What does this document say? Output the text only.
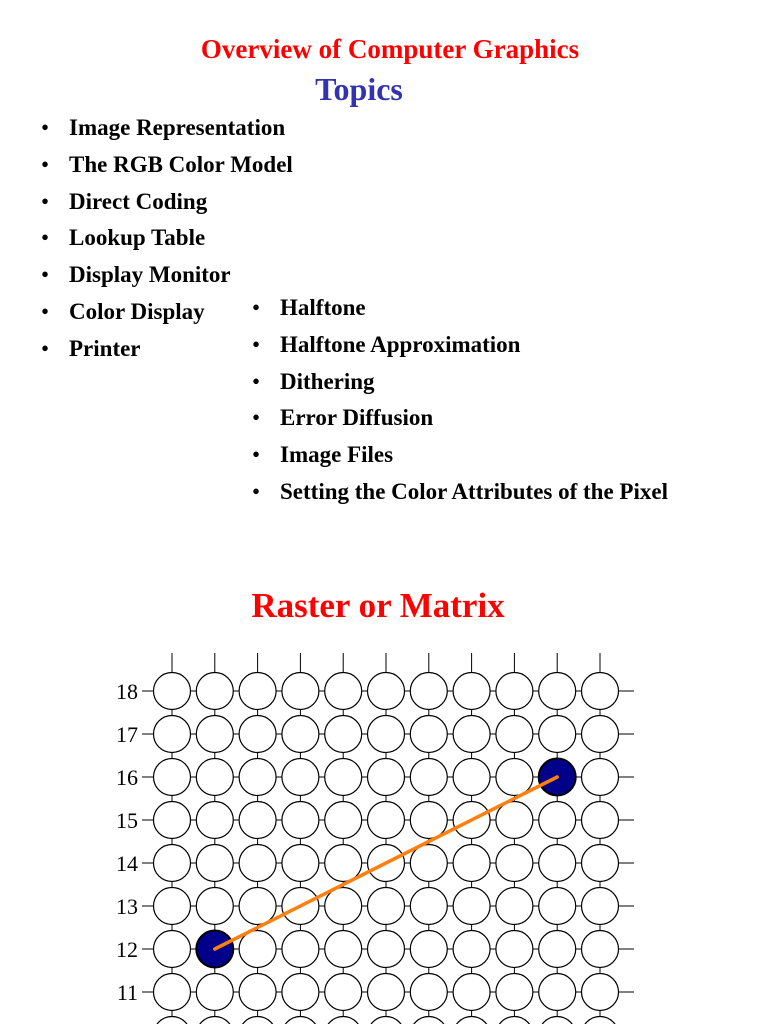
Overview of Computer Graphics
Topics
• Image Representation
• The RGB Color Model
• Direct Coding
• Lookup Table
• Display Monitor
• Color Display
• Printer
• Halftone
• Halftone Approximation
• Dithering
• Error Diffusion
• Image Files
• Setting the Color Attributes of the Pixel
Raster or Matrix
18
17
16
15
14
13
12
11
